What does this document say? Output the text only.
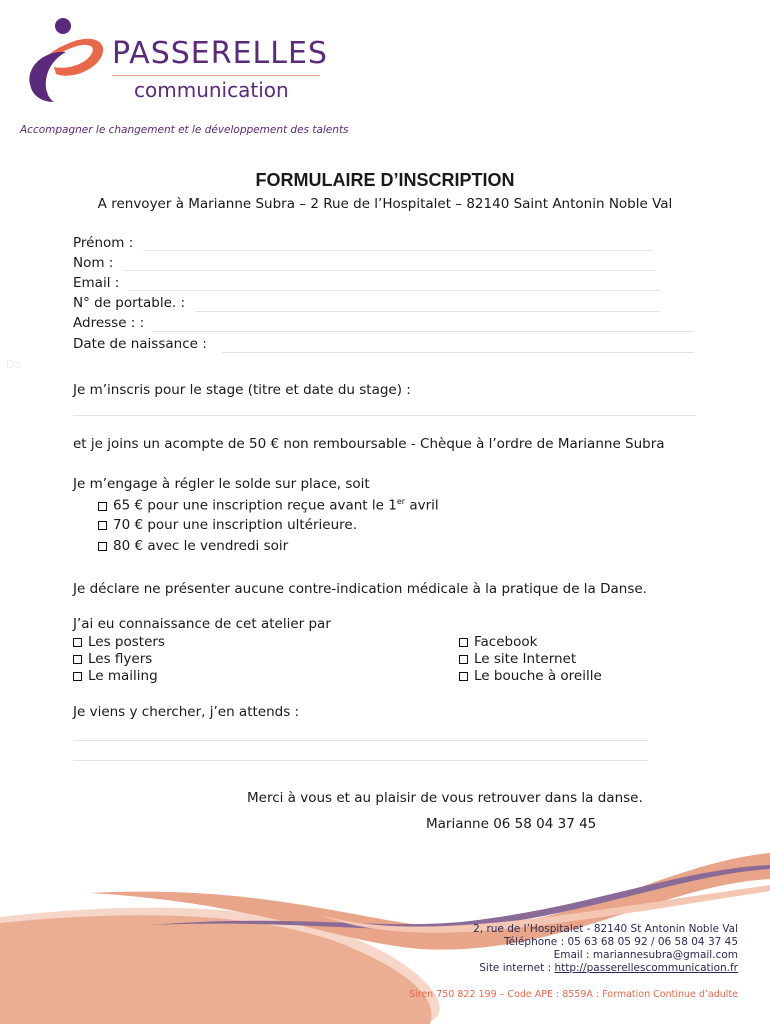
PASSERELLES
communication
Accompagner le changement et le développement des talents
FORMULAIRE D’INSCRIPTION
A renvoyer à Marianne Subra – 2 Rue de l’Hospitalet – 82140 Saint Antonin Noble Val
Prénom :
Nom :
Email :
N° de portable. :
Adresse : :
Date de naissance :
Da
Je m’inscris pour le stage (titre et date du stage) :
et je joins un acompte de 50 € non remboursable - Chèque à l’ordre de Marianne Subra
Je m’engage à régler le solde sur place, soit
65 € pour une inscription reçue avant le 1er avril
70 € pour une inscription ultérieure.
80 € avec le vendredi soir
Je déclare ne présenter aucune contre-indication médicale à la pratique de la Danse.
J’ai eu connaissance de cet atelier par
Les posters
Les flyers
Le mailing
Facebook
Le site Internet
Le bouche à oreille
Je viens y chercher, j’en attends :
Merci à vous et au plaisir de vous retrouver dans la danse.
Marianne 06 58 04 37 45
2, rue de l’Hospitalet - 82140 St Antonin Noble Val
Téléphone : 05 63 68 05 92 / 06 58 04 37 45
Email : mariannesubra@gmail.com
Site internet : http://passerellescommunication.fr
Siren 750 822 199 – Code APE : 8559A : Formation Continue d’adulte
